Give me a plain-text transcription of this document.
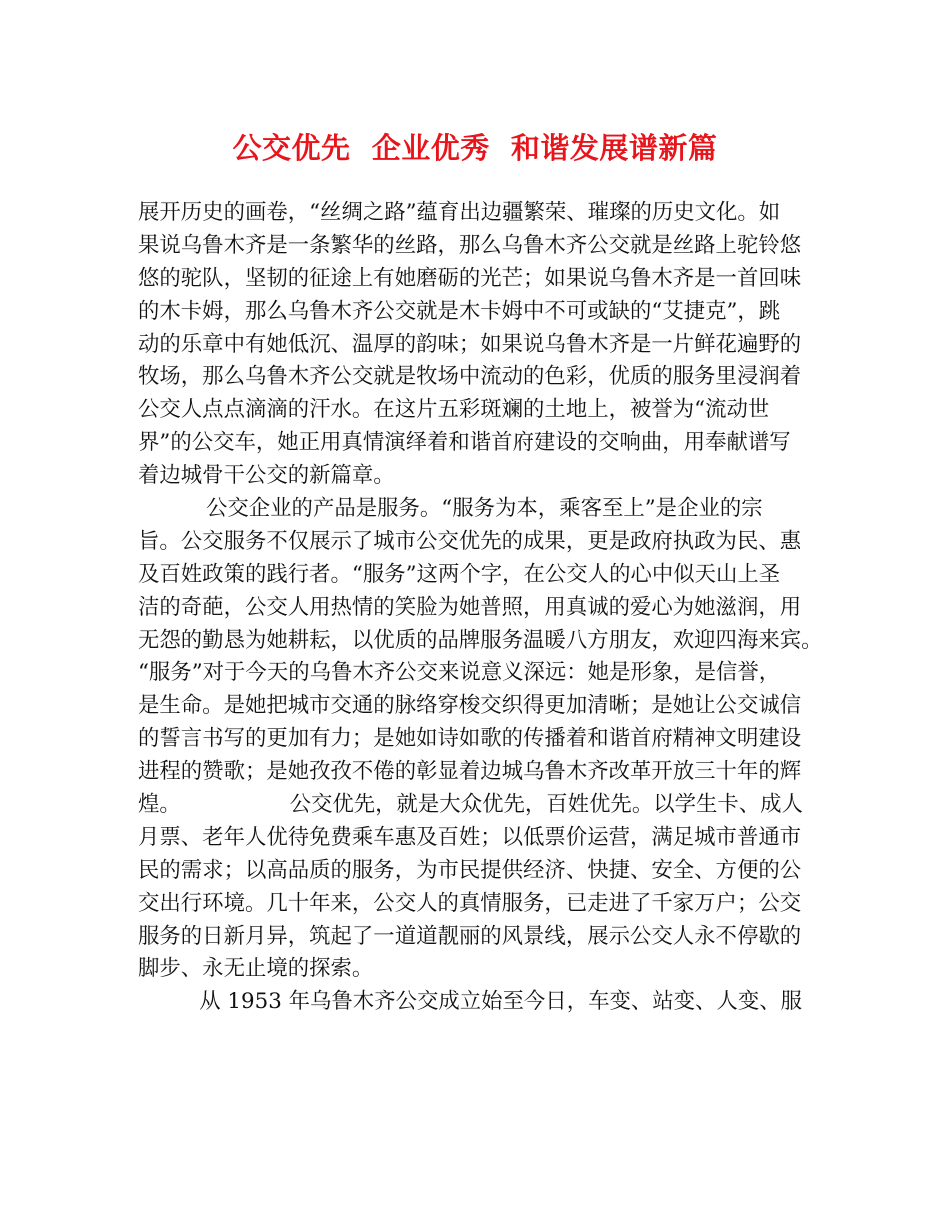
公交优先  企业优秀  和谐发展谱新篇
展开历史的画卷，“丝绸之路”蕴育出边疆繁荣、璀璨的历史文化。如
果说乌鲁木齐是一条繁华的丝路，那么乌鲁木齐公交就是丝路上驼铃悠
悠的驼队，坚韧的征途上有她磨砺的光芒；如果说乌鲁木齐是一首回味
的木卡姆，那么乌鲁木齐公交就是木卡姆中不可或缺的“艾捷克”，跳
动的乐章中有她低沉、温厚的韵味；如果说乌鲁木齐是一片鲜花遍野的
牧场，那么乌鲁木齐公交就是牧场中流动的色彩，优质的服务里浸润着
公交人点点滴滴的汗水。在这片五彩斑斓的土地上，被誉为“流动世
界”的公交车，她正用真情演绎着和谐首府建设的交响曲，用奉献谱写
着边城骨干公交的新篇章。
公交企业的产品是服务。“服务为本，乘客至上”是企业的宗
旨。公交服务不仅展示了城市公交优先的成果，更是政府执政为民、惠
及百姓政策的践行者。“服务”这两个字，在公交人的心中似天山上圣
洁的奇葩，公交人用热情的笑脸为她普照，用真诚的爱心为她滋润，用
无怨的勤恳为她耕耘，以优质的品牌服务温暖八方朋友，欢迎四海来宾。
“服务”对于今天的乌鲁木齐公交来说意义深远：她是形象，是信誉，
是生命。是她把城市交通的脉络穿梭交织得更加清晰；是她让公交诚信
的誓言书写的更加有力；是她如诗如歌的传播着和谐首府精神文明建设
进程的赞歌；是她孜孜不倦的彰显着边城乌鲁木齐改革开放三十年的辉
煌。                公交优先，就是大众优先，百姓优先。以学生卡、成人
月票、老年人优待免费乘车惠及百姓；以低票价运营，满足城市普通市
民的需求；以高品质的服务，为市民提供经济、快捷、安全、方便的公
交出行环境。几十年来，公交人的真情服务，已走进了千家万户；公交
服务的日新月异，筑起了一道道靓丽的风景线，展示公交人永不停歇的
脚步、永无止境的探索。
从 1953 年乌鲁木齐公交成立始至今日，车变、站变、人变、服
